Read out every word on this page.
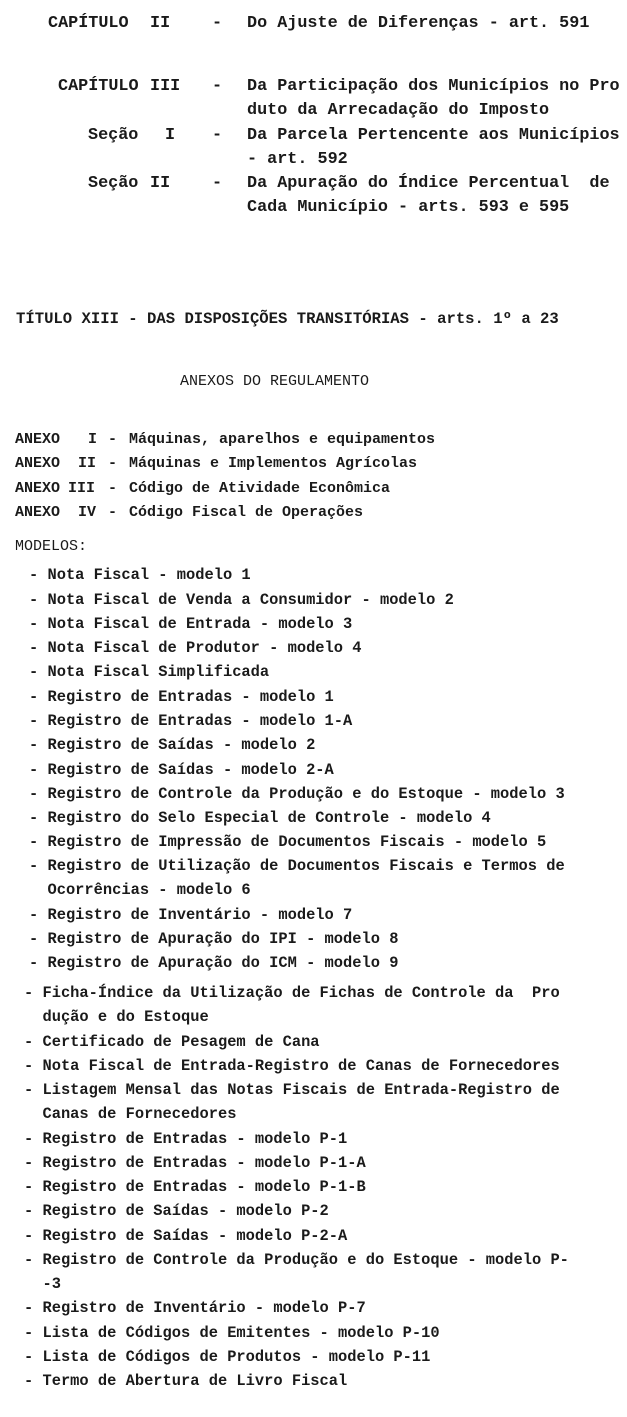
CAPÍTULO II - Do Ajuste de Diferenças - art. 591
CAPÍTULO III - Da Participação dos Municípios no Pro
duto da Arrecadação do Imposto
Seção I - Da Parcela Pertencente aos Municípios
- art. 592
Seção II - Da Apuração do Índice Percentual  de
Cada Município - arts. 593 e 595
TÍTULO XIII - DAS DISPOSIÇÕES TRANSITÓRIAS - arts. 1º a 23
ANEXOS DO REGULAMENTO
ANEXO I - Máquinas, aparelhos e equipamentos
ANEXO II - Máquinas e Implementos Agrícolas
ANEXO III - Código de Atividade Econômica
ANEXO IV - Código Fiscal de Operações
MODELOS:
- Nota Fiscal - modelo 1
- Nota Fiscal de Venda a Consumidor - modelo 2
- Nota Fiscal de Entrada - modelo 3
- Nota Fiscal de Produtor - modelo 4
- Nota Fiscal Simplificada
- Registro de Entradas - modelo 1
- Registro de Entradas - modelo 1-A
- Registro de Saídas - modelo 2
- Registro de Saídas - modelo 2-A
- Registro de Controle da Produção e do Estoque - modelo 3
- Registro do Selo Especial de Controle - modelo 4
- Registro de Impressão de Documentos Fiscais - modelo 5
- Registro de Utilização de Documentos Fiscais e Termos de
Ocorrências - modelo 6
- Registro de Inventário - modelo 7
- Registro de Apuração do IPI - modelo 8
- Registro de Apuração do ICM - modelo 9
- Ficha-Índice da Utilização de Fichas de Controle da  Pro
dução e do Estoque
- Certificado de Pesagem de Cana
- Nota Fiscal de Entrada-Registro de Canas de Fornecedores
- Listagem Mensal das Notas Fiscais de Entrada-Registro de
Canas de Fornecedores
- Registro de Entradas - modelo P-1
- Registro de Entradas - modelo P-1-A
- Registro de Entradas - modelo P-1-B
- Registro de Saídas - modelo P-2
- Registro de Saídas - modelo P-2-A
- Registro de Controle da Produção e do Estoque - modelo P-
-3
- Registro de Inventário - modelo P-7
- Lista de Códigos de Emitentes - modelo P-10
- Lista de Códigos de Produtos - modelo P-11
- Termo de Abertura de Livro Fiscal
